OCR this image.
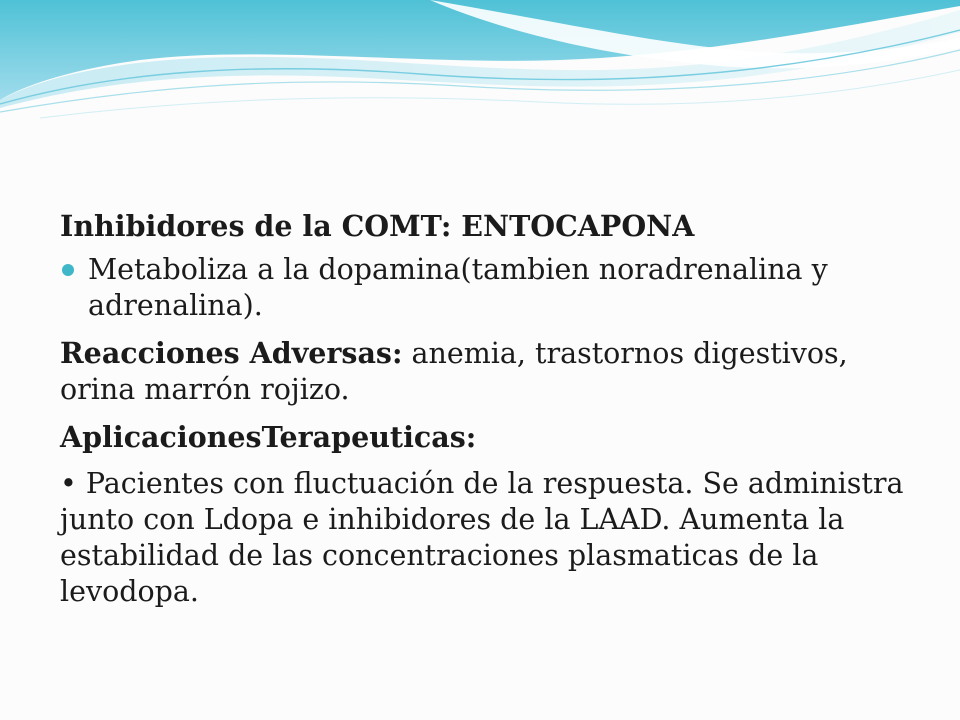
Inhibidores de la COMT: ENTOCAPONA

Metaboliza a la dopamina(tambien noradrenalina y adrenalina).

Reacciones Adversas: anemia, trastornos digestivos, orina marrón rojizo.

AplicacionesTerapeuticas:

• Pacientes con fluctuación de la respuesta. Se administra junto con Ldopa e inhibidores de la LAAD. Aumenta la estabilidad de las concentraciones plasmaticas de la levodopa.
